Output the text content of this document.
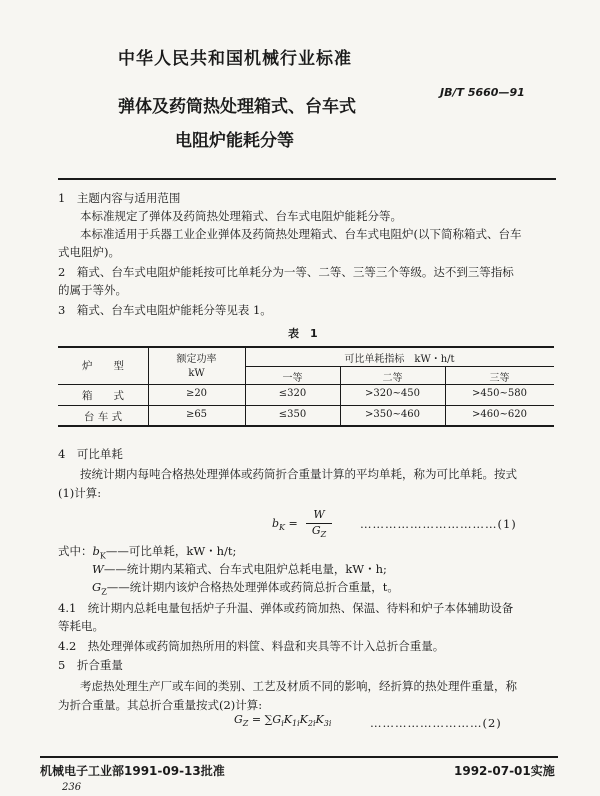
中华人民共和国机械行业标准
JB/T 5660—91
弹体及药筒热处理箱式、台车式
电阻炉能耗分等
1　主题内容与适用范围
本标准规定了弹体及药筒热处理箱式、台车式电阻炉能耗分等。
本标准适用于兵器工业企业弹体及药筒热处理箱式、台车式电阻炉(以下简称箱式、台车
式电阻炉)。
2　箱式、台车式电阻炉能耗按可比单耗分为一等、二等、三等三个等级。达不到三等指标
的属于等外。
3　箱式、台车式电阻炉能耗分等见表 1。
表　1
炉　　型
额定功率
kW
可比单耗指标　kW・h/t
一等	二等	三等
箱　　式	≥20	≤320	>320~450	>450~580
台 车 式	≥65	≤350	>350~460	>460~620
4　可比单耗
按统计期内每吨合格热处理弹体或药筒折合重量计算的平均单耗，称为可比单耗。按式
(1)计算:
$b_K$ =
W
$G_Z$
……………………………(1)
式中：$b_K——$可比单耗，kW・h/t;
W——统计期内某箱式、台车式电阻炉总耗电量，kW・h;
$G_Z——$统计期内该炉合格热处理弹体或药筒总折合重量，t。
4.1　统计期内总耗电量包括炉子升温、弹体或药筒加热、保温、待料和炉子本体辅助设备
等耗电。
4.2　热处理弹体或药筒加热所用的料筐、料盘和夹具等不计入总折合重量。
5　折合重量
考虑热处理生产厂或车间的类别、工艺及材质不同的影响，经折算的热处理件重量，称
为折合重量。其总折合重量按式(2)计算:
$G_Z = \sum G_iK_{1i}K_{2i}K_{3i}$	………………………(2)
机械电子工业部1991-09-13批准	1992-07-01实施
236
